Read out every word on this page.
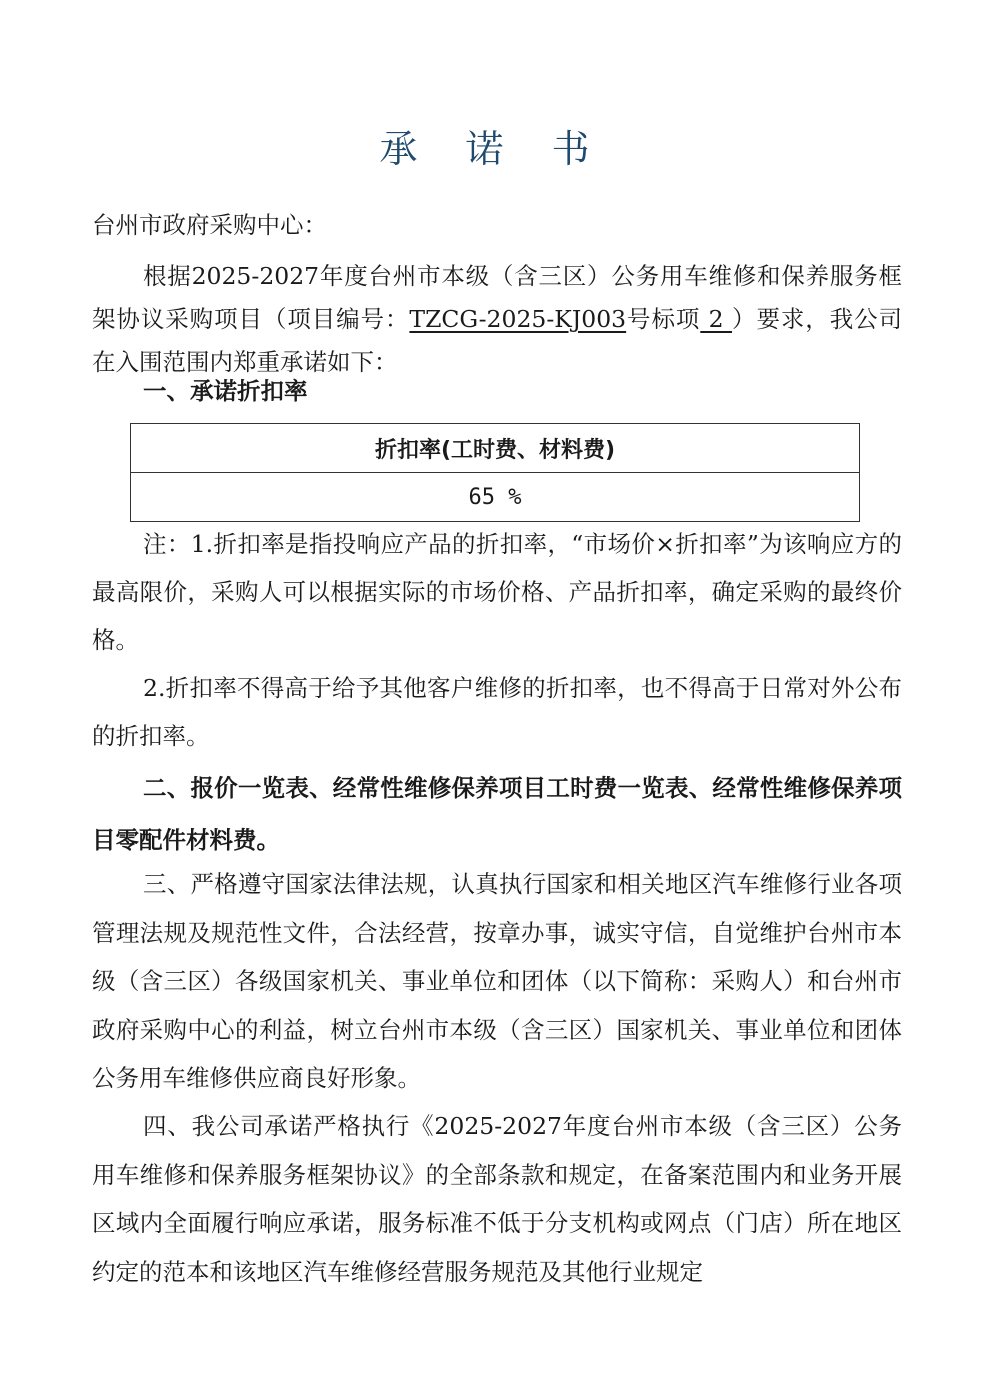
承 诺 书
台州市政府采购中心：
根据2025-2027年度台州市本级（含三区）公务用车维修和保养服务框架协议采购项目（项目编号：TZCG-2025-KJ003号标项 2 ）要求，我公司在入围范围内郑重承诺如下：
一、承诺折扣率
折扣率(工时费、材料费)
65 %
注：1.折扣率是指投响应产品的折扣率，“市场价×折扣率”为该响应方的最高限价，采购人可以根据实际的市场价格、产品折扣率，确定采购的最终价格。
2.折扣率不得高于给予其他客户维修的折扣率，也不得高于日常对外公布的折扣率。
二、报价一览表、经常性维修保养项目工时费一览表、经常性维修保养项目零配件材料费。
三、严格遵守国家法律法规，认真执行国家和相关地区汽车维修行业各项管理法规及规范性文件，合法经营，按章办事，诚实守信，自觉维护台州市本级（含三区）各级国家机关、事业单位和团体（以下简称：采购人）和台州市政府采购中心的利益，树立台州市本级（含三区）国家机关、事业单位和团体公务用车维修供应商良好形象。
四、我公司承诺严格执行《2025-2027年度台州市本级（含三区）公务用车维修和保养服务框架协议》的全部条款和规定，在备案范围内和业务开展区域内全面履行响应承诺，服务标准不低于分支机构或网点（门店）所在地区约定的范本和该地区汽车维修经营服务规范及其他行业规定
